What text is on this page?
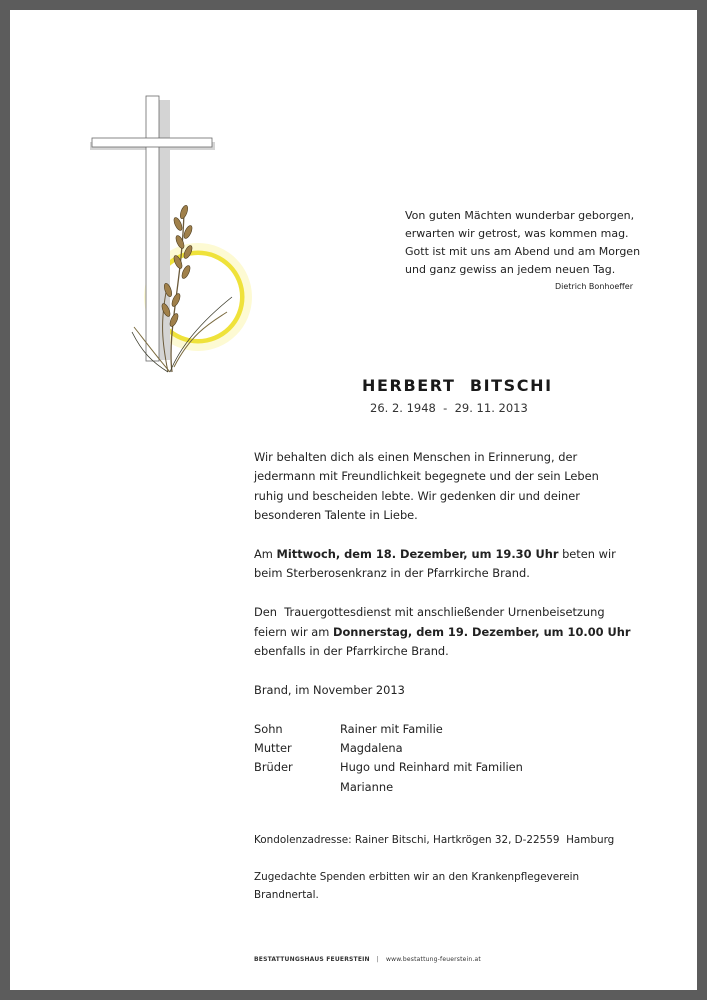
Von guten Mächten wunderbar geborgen,
erwarten wir getrost, was kommen mag.
Gott ist mit uns am Abend und am Morgen
und ganz gewiss an jedem neuen Tag.
Dietrich Bonhoeffer
HERBERT  BITSCHI
26. 2. 1948  -  29. 11. 2013
Wir behalten dich als einen Menschen in Erinnerung, der
jedermann mit Freundlichkeit begegnete und der sein Leben
ruhig und bescheiden lebte. Wir gedenken dir und deiner
besonderen Talente in Liebe.
Am Mittwoch, dem 18. Dezember, um 19.30 Uhr beten wir
beim Sterberosenkranz in der Pfarrkirche Brand.
Den  Trauergottesdienst mit anschließender Urnenbeisetzung
feiern wir am Donnerstag, dem 19. Dezember, um 10.00 Uhr
ebenfalls in der Pfarrkirche Brand.
Brand, im November 2013
Sohn	Rainer mit Familie
Mutter	Magdalena
Brüder	Hugo und Reinhard mit Familien
Marianne
Kondolenzadresse: Rainer Bitschi, Hartkrögen 32, D-22559  Hamburg
Zugedachte Spenden erbitten wir an den Krankenpflegeverein
Brandnertal.
BESTATTUNGSHAUS FEUERSTEIN | www.bestattung-feuerstein.at
